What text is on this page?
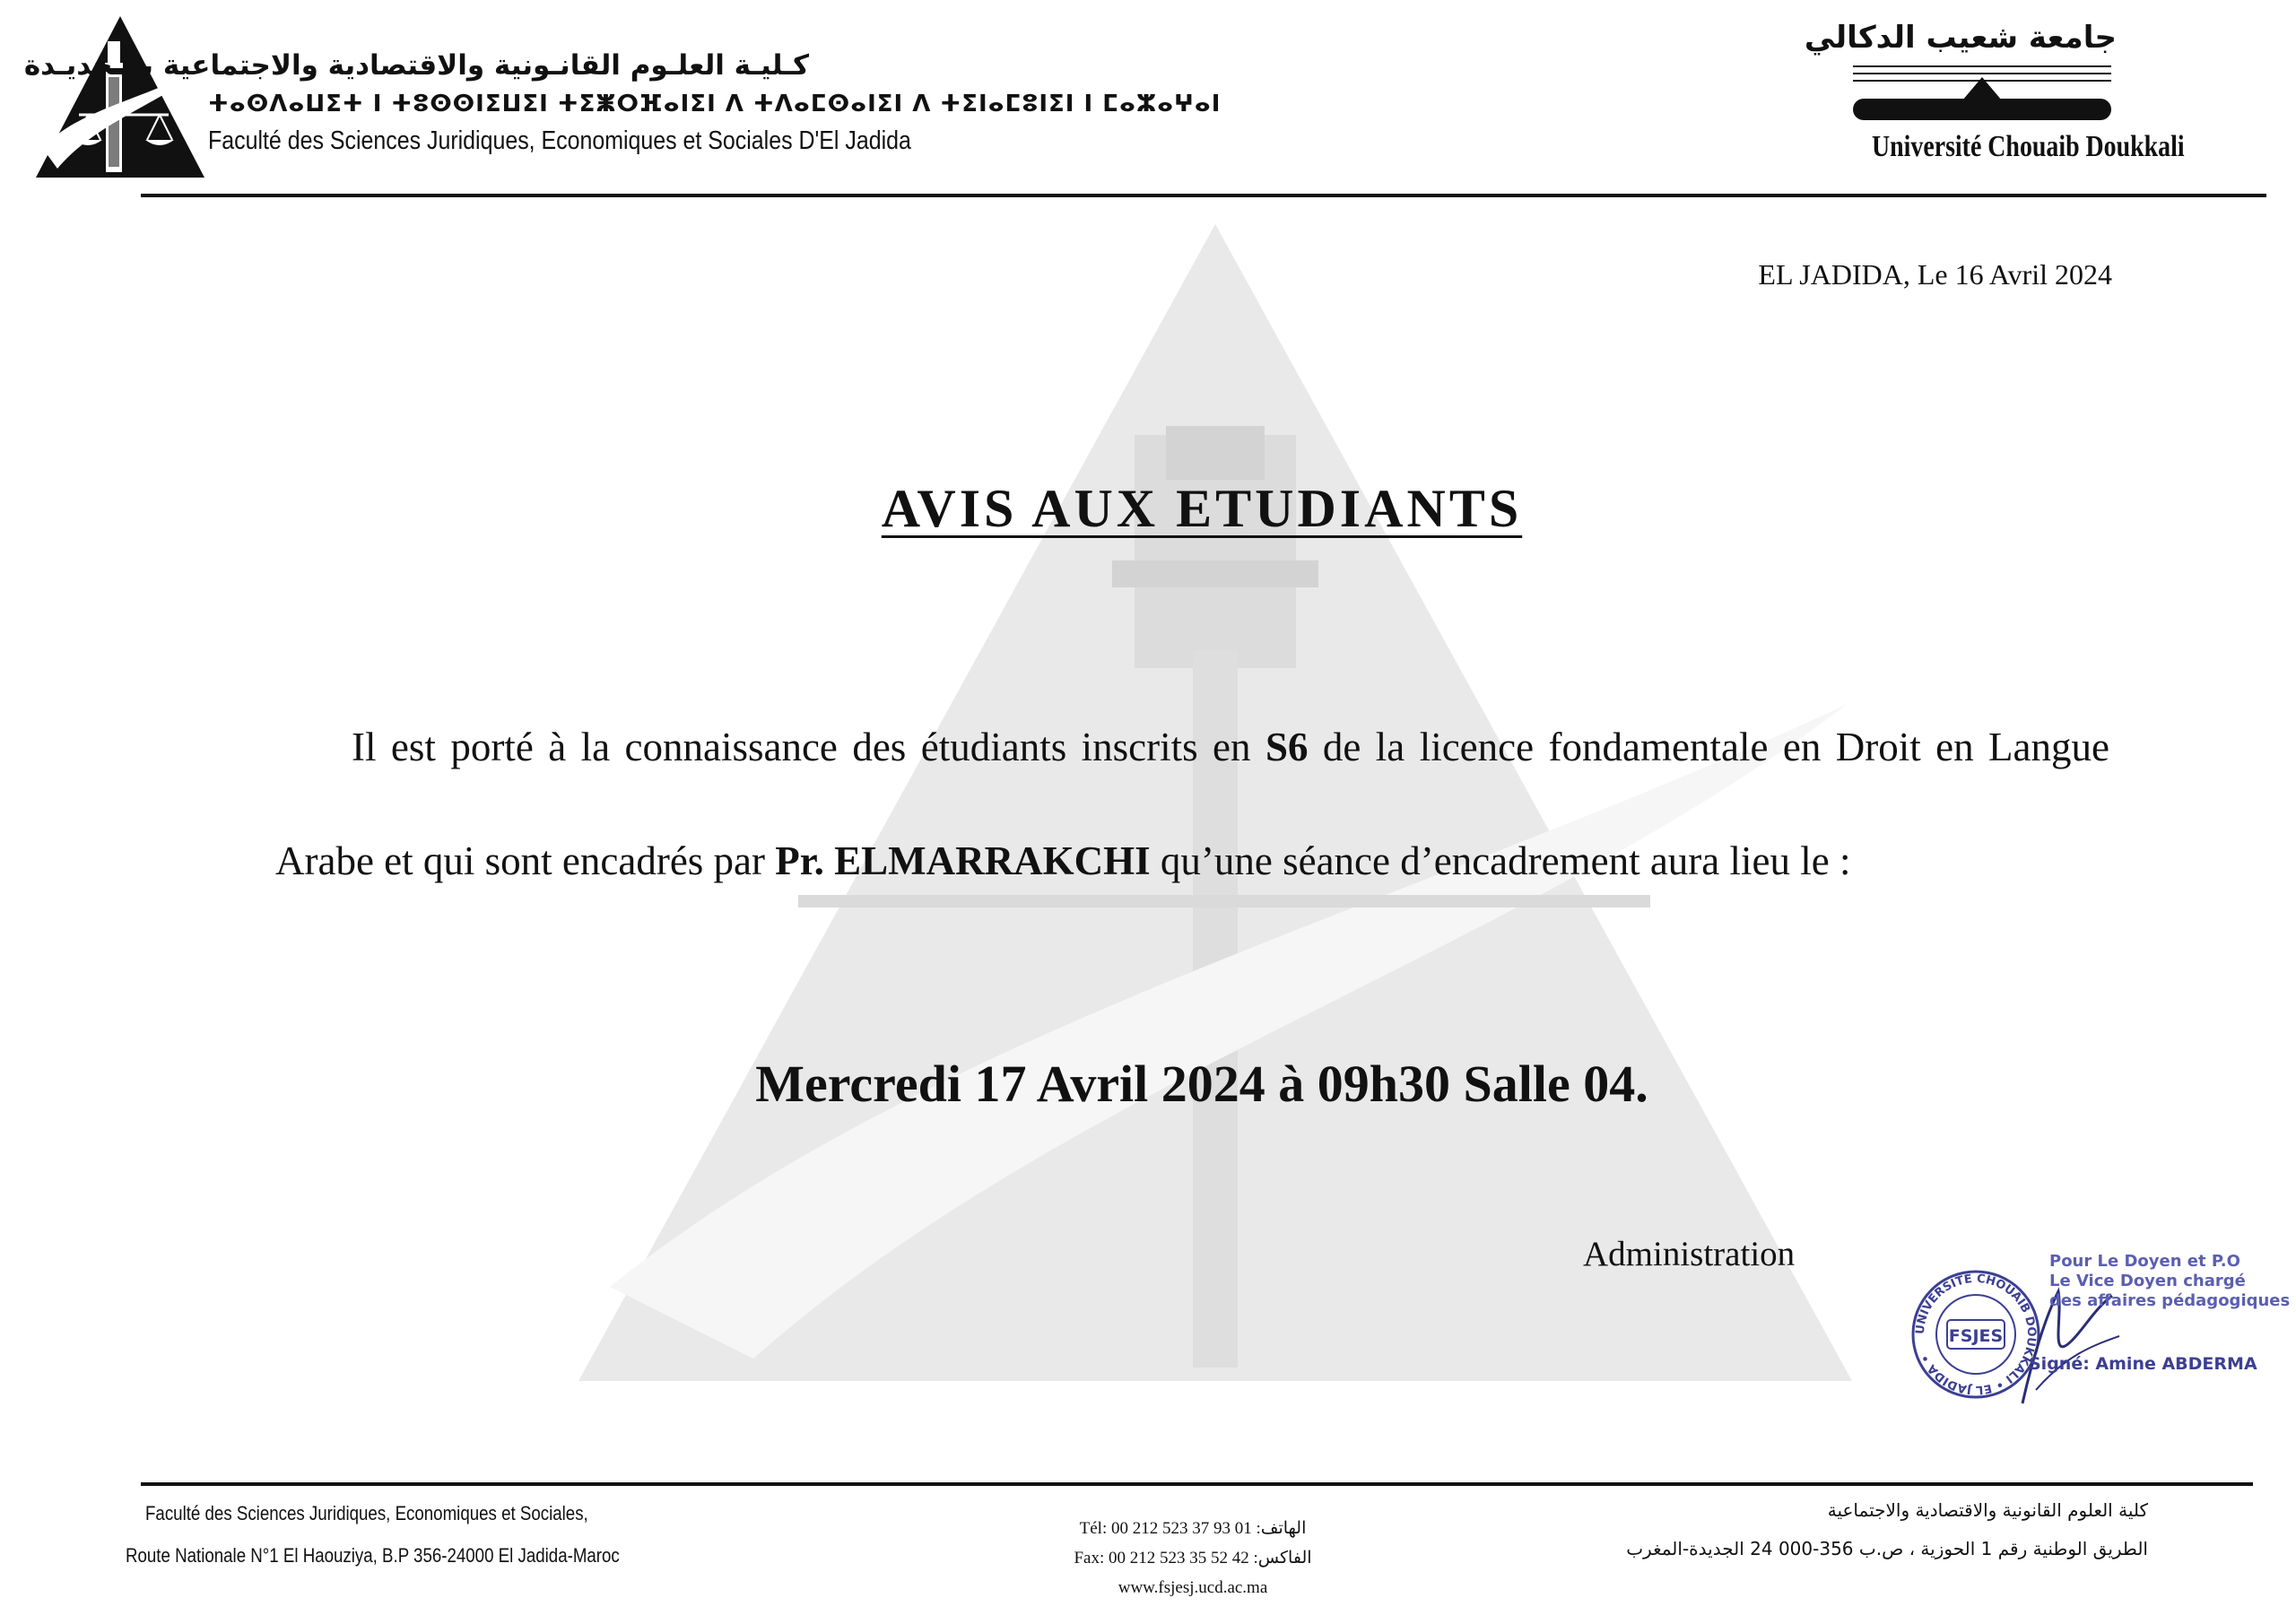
كـليـة العلـوم القانـونية والاقتصادية والاجتماعية بالـجديـدة
ⵜⴰⵙⴷⴰⵡⵉⵜ ⵏ ⵜⵓⵙⵙⵏⵉⵡⵉⵏ ⵜⵉⵥⵔⴼⴰⵏⵉⵏ ⴷ ⵜⴷⴰⵎⵙⴰⵏⵉⵏ ⴷ ⵜⵉⵏⴰⵎⵓⵏⵉⵏ ⵏ ⵎⴰⵣⴰⵖⴰⵏ
Faculté des Sciences Juridiques, Economiques et Sociales D'El Jadida
جامعة شعيب الدكالي
Université Chouaib Doukkali
EL JADIDA, Le 16 Avril 2024
AVIS AUX ETUDIANTS

Il est porté à la connaissance des étudiants inscrits en S6 de la licence fondamentale en Droit en Langue Arabe et qui sont encadrés par Pr. ELMARRAKCHI qu’une séance d’encadrement aura lieu le :

Mercredi 17 Avril 2024 à 09h30 Salle 04.
Administration
UNIVERSITÉ CHOUAIB DOUKKALI • EL JADIDA •
FSJES
Pour Le Doyen et P.O
Le Vice Doyen chargé
des affaires pédagogiques
Signé: Amine ABDERMA
Faculté des Sciences Juridiques, Economiques et Sociales,
Route Nationale N°1 El Haouziya, B.P 356-24000 El Jadida-Maroc
Tél: 00 212 523 37 93 01 :الهاتف
Fax: 00 212 523 35 52 42 :الفاكس
www.fsjesj.ucd.ac.ma
كلية العلوم القانونية والاقتصادية والاجتماعية
الطريق الوطنية رقم 1 الحوزية ، ص.ب 356-000 24 الجديدة-المغرب
